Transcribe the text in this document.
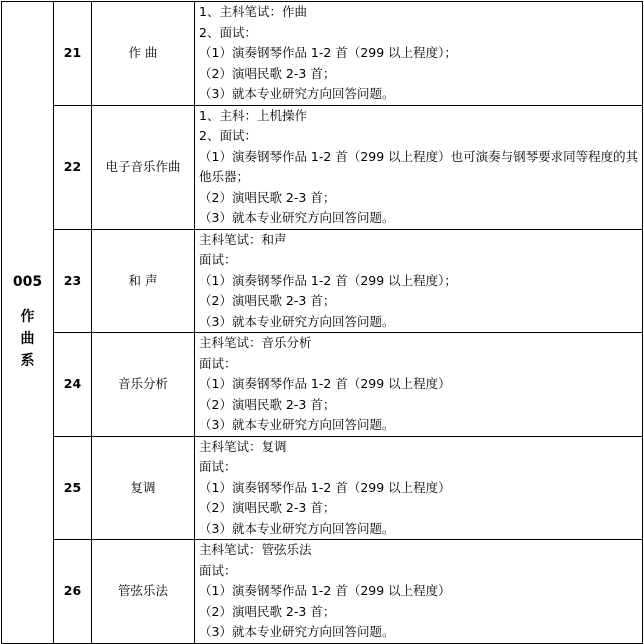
005
作
曲
系	21	作 曲	1、主科笔试：作曲
2、面试：
（1）演奏钢琴作品 1-2 首（299 以上程度）；
（2）演唱民歌 2-3 首；
（3）就本专业研究方向回答问题。

	22	电子音乐作曲	1、主科：上机操作
2、面试：
（1）演奏钢琴作品 1-2 首（299 以上程度）也可演奏与钢琴要求同等程度的其他乐器；
（2）演唱民歌 2-3 首；
（3）就本专业研究方向回答问题。

	23	和 声	主科笔试：和声
面试：
（1）演奏钢琴作品 1-2 首（299 以上程度）；
（2）演唱民歌 2-3 首；
（3）就本专业研究方向回答问题。

	24	音乐分析	主科笔试：音乐分析
面试：
（1）演奏钢琴作品 1-2 首（299 以上程度）
（2）演唱民歌 2-3 首；
（3）就本专业研究方向回答问题。

	25	复调	主科笔试：复调
面试：
（1）演奏钢琴作品 1-2 首（299 以上程度）
（2）演唱民歌 2-3 首；
（3）就本专业研究方向回答问题。

	26	管弦乐法	主科笔试：管弦乐法
面试：
（1）演奏钢琴作品 1-2 首（299 以上程度）
（2）演唱民歌 2-3 首；
（3）就本专业研究方向回答问题。
